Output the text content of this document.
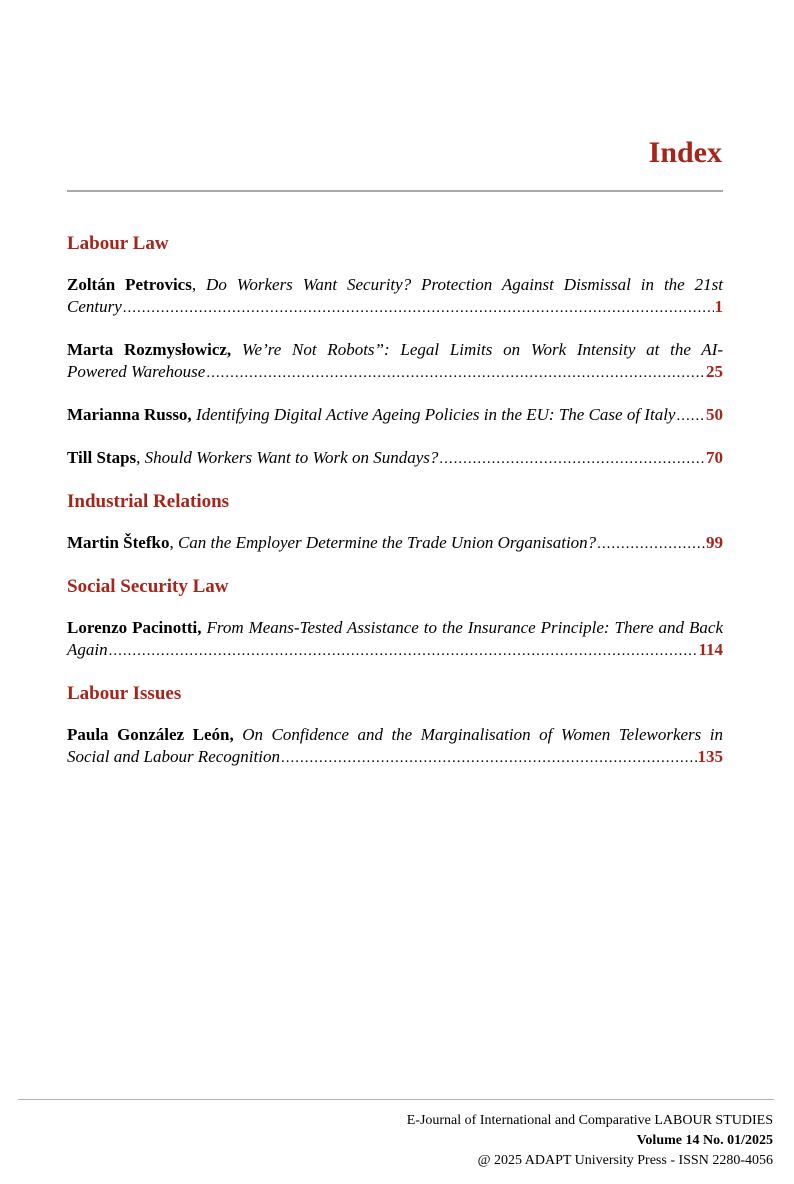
Index
Labour Law
Zoltán Petrovics, Do Workers Want Security? Protection Against Dismissal in the 21st
Century .....	1
Marta Rozmysłowicz, We’re Not Robots”: Legal Limits on Work Intensity at the AI-
Powered Warehouse .....	25
Marianna Russo,
Identifying Digital Active Ageing Policies in the EU: The Case of Italy ..... 50
Till Staps , Should Workers Want to Work on Sundays? .....	70
Industrial Relations
Martin Štefko , Can the Employer Determine the Trade Union Organisation? .....	99
Social Security Law
Lorenzo Pacinotti, From Means-Tested Assistance to the Insurance Principle: There and Back
Again .....	114
Labour Issues
Paula González León, On Confidence and the Marginalisation of Women Teleworkers in
Social and Labour Recognition .....	135
E-Journal of International and Comparative LABOUR STUDIES
Volume 14 No. 01/2025
@ 2025 ADAPT University Press - ISSN 2280-4056
